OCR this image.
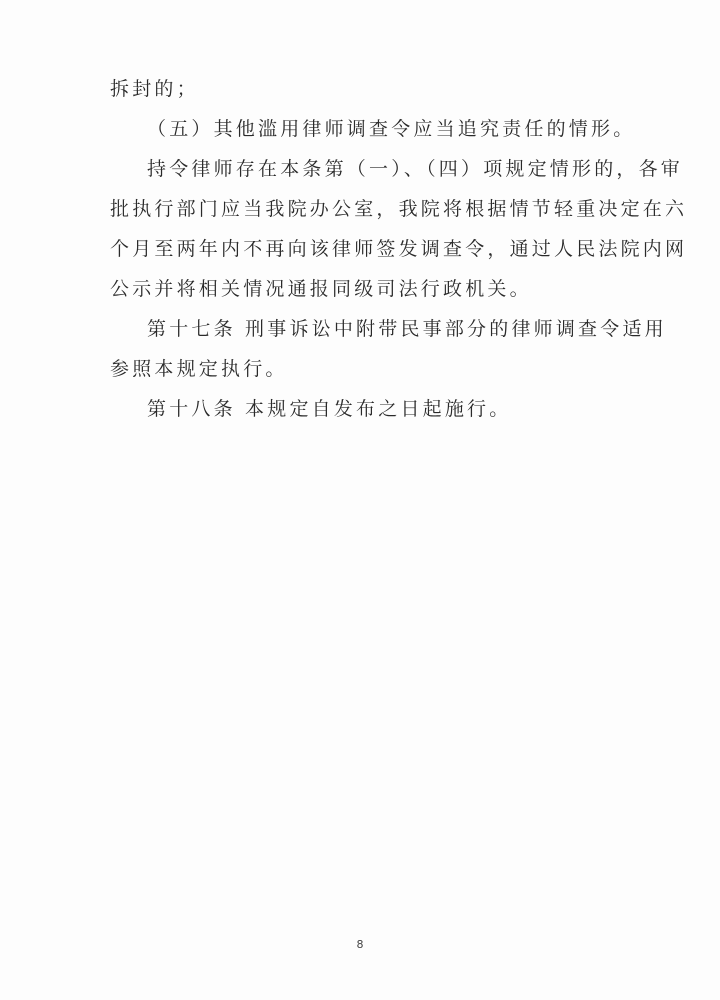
拆封的；
（五）其他滥用律师调查令应当追究责任的情形。
持令律师存在本条第（一）、（四）项规定情形的，各审
批执行部门应当我院办公室，我院将根据情节轻重决定在六
个月至两年内不再向该律师签发调查令，通过人民法院内网
公示并将相关情况通报同级司法行政机关。
第十七条 刑事诉讼中附带民事部分的律师调查令适用
参照本规定执行。
第十八条 本规定自发布之日起施行。
8
